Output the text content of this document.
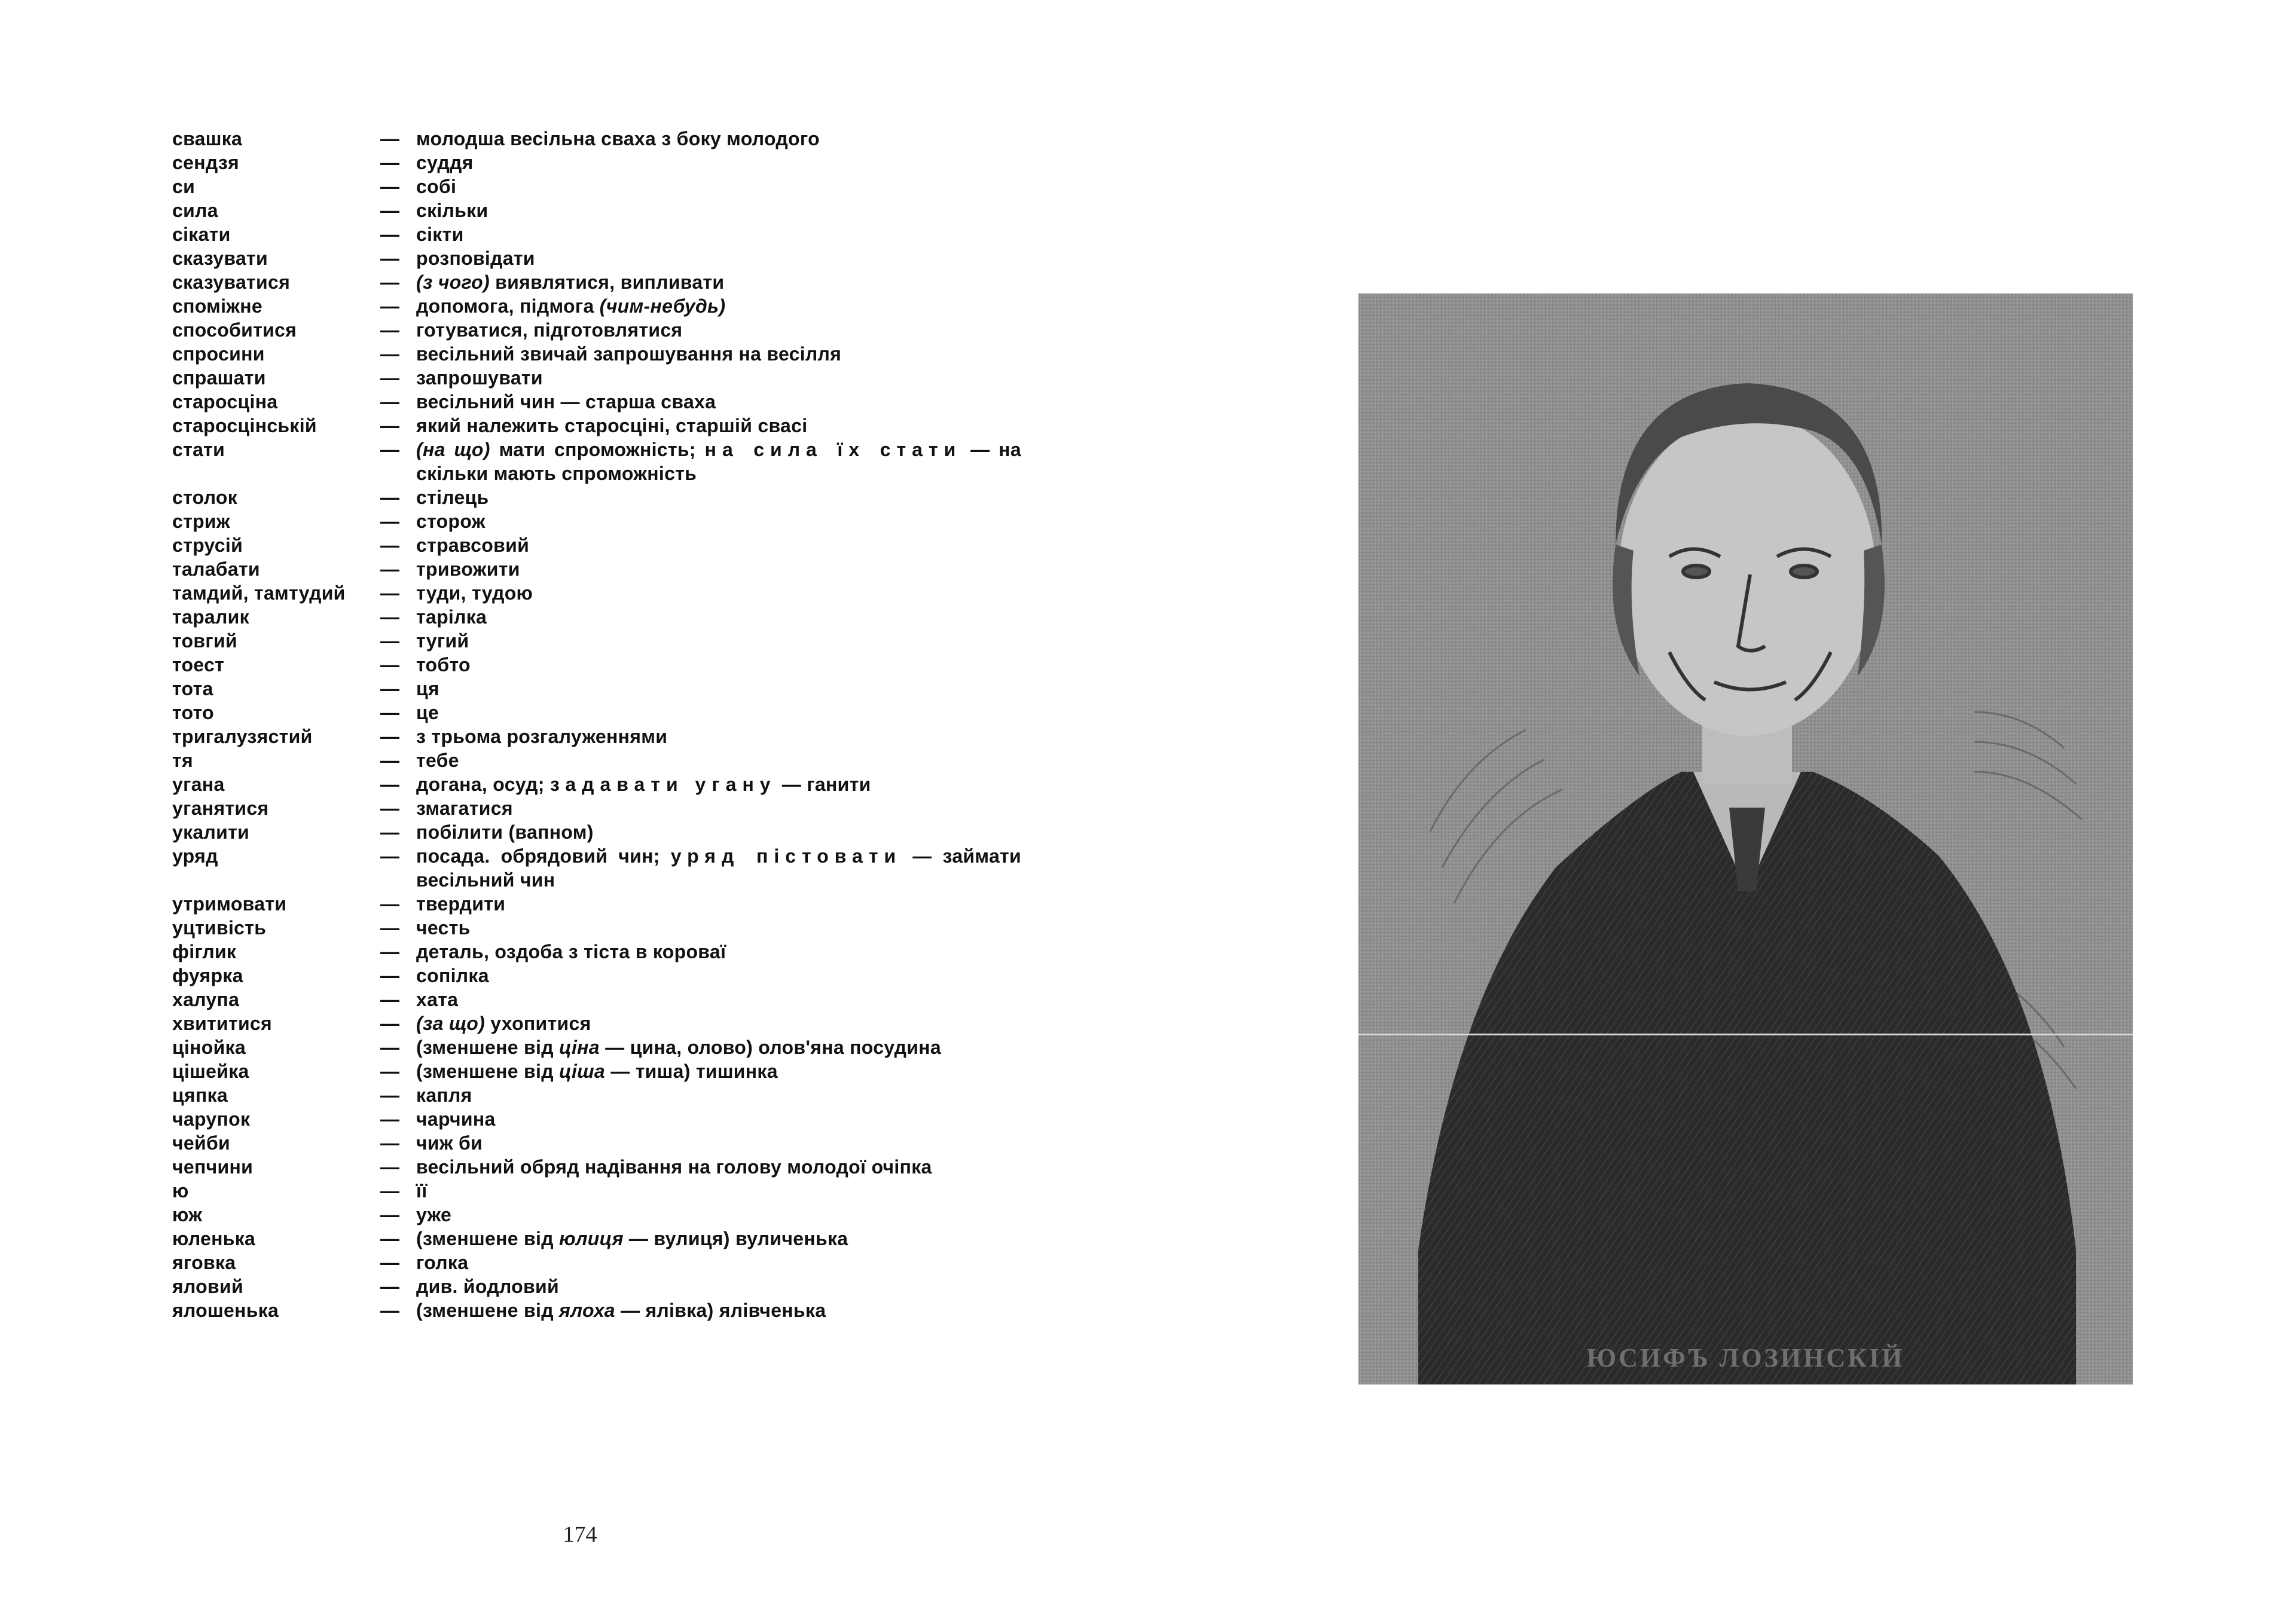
свашка	— молодша весільна сваха з боку молодого
сендзя	— суддя
си	— собі
сила	— скільки
сікати	— сікти
сказувати	— розповідати
сказуватися	— (з чого) виявлятися, випливати
споміжне	— допомога, підмога (чим-небудь)
способитися	— готуватися, підготовлятися
спросини	— весільний звичай запрошування на весілля
спрашати	— запрошувати
старосціна	— весільний чин — старша сваха
старосцінській	— який належить старосціні, старшій свасі
стати	— (на що) мати спроможність; на сила їх стати — на скільки мають спроможність
столок	— стілець
стриж	— сторож
струсій	— стравсовий
талабати	— тривожити
тамдий, тамтудий	— туди, тудою
таралик	— тарілка
товгий	— тугий
тоест	— тобто
тота	— ця
тото	— це
тригалузястий	— з трьома розгалуженнями
тя	— тебе
угана	— догана, осуд; задавати угану — ганити
уганятися	— змагатися
укалити	— побілити (вапном)
уряд	— посада. обрядовий чин; уряд пістовати — займати весільний чин
утримовати	— твердити
уцтивість	— честь
фіглик	— деталь, оздоба з тіста в короваї
фуярка	— сопілка
халупа	— хата
хвититися	— (за що) ухопитися
цінойка	— (зменшене від ціна — цина, олово) олов'яна посудина
цішейка	— (зменшене від ціша — тиша) тишинка
цяпка	— капля
чарупок	— чарчина
чейби	— чиж би
чепчини	— весільний обряд надівання на голову молодої очіпка
ю	— її
юж	— уже
юленька	— (зменшене від юлиця — вулиця) вуличенька
яговка	— голка
яловий	— див. йодловий
ялошенька	— (зменшене від ялоха — ялівка) ялівченька
174
ЮСИФЪ ЛОЗИНСКІЙ
